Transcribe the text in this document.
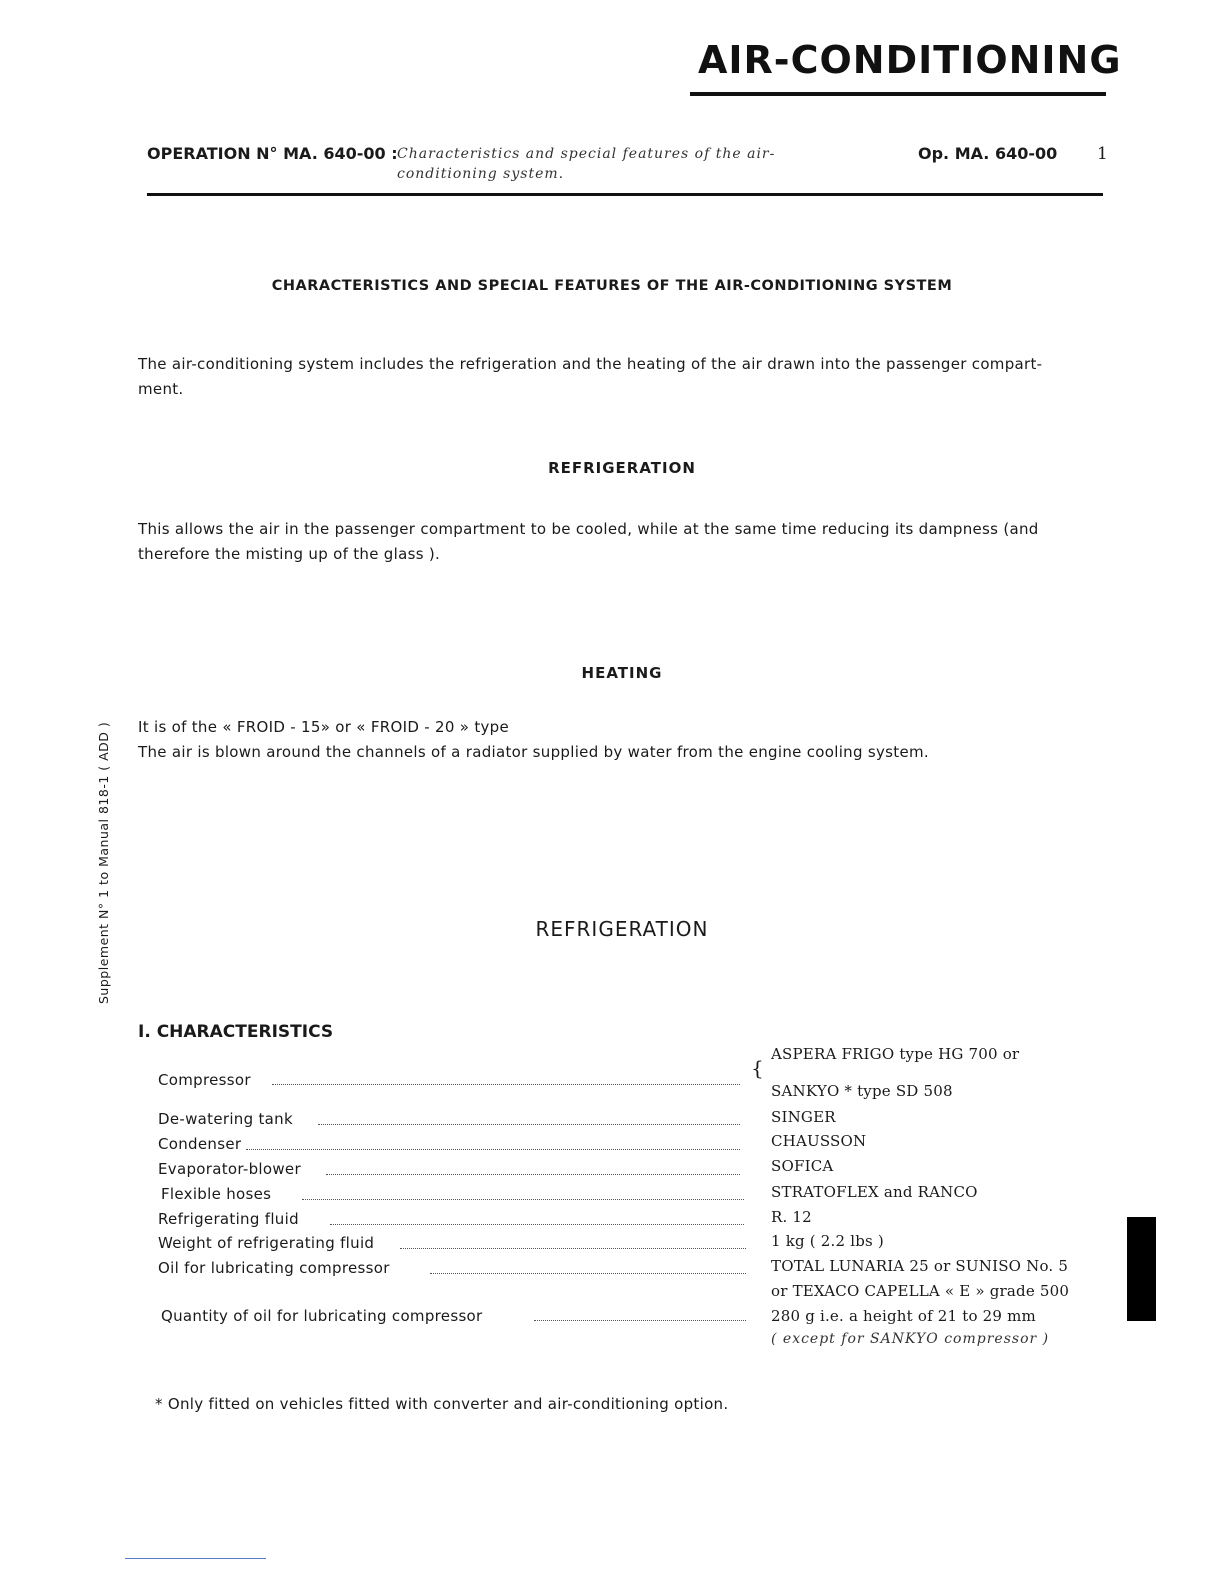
AIR-CONDITIONING
OPERATION N° MA. 640-00 : Characteristics and special features of the air-
conditioning system.
Op. MA. 640-00 1
Supplement N° 1 to Manual 818-1 ( ADD )
CHARACTERISTICS AND SPECIAL FEATURES OF THE AIR-CONDITIONING SYSTEM
The air-conditioning system includes the refrigeration and the heating of the air drawn into the passenger compart-
ment.
REFRIGERATION
This allows the air in the passenger compartment to be cooled, while at the same time reducing its dampness (and
therefore the misting up of the glass ).
HEATING
It is of the « FROID - 15» or « FROID - 20 » type
The air is blown around the channels of a radiator supplied by water from the engine cooling system.
REFRIGERATION
I. CHARACTERISTICS
Compressor	{
ASPERA FRIGO type HG 700 or
SANKYO * type SD 508
De-watering tank	SINGER
Condenser	CHAUSSON
Evaporator-blower	SOFICA
Flexible hoses	STRATOFLEX and RANCO
Refrigerating fluid	R. 12
Weight of refrigerating fluid	1 kg ( 2.2 lbs )
Oil for lubricating compressor	TOTAL LUNARIA 25 or SUNISO No. 5
or TEXACO CAPELLA « E » grade 500
Quantity of oil for lubricating compressor	280 g i.e. a height of 21 to 29 mm
( except for SANKYO compressor )
* Only fitted on vehicles fitted with converter and air-conditioning option.
